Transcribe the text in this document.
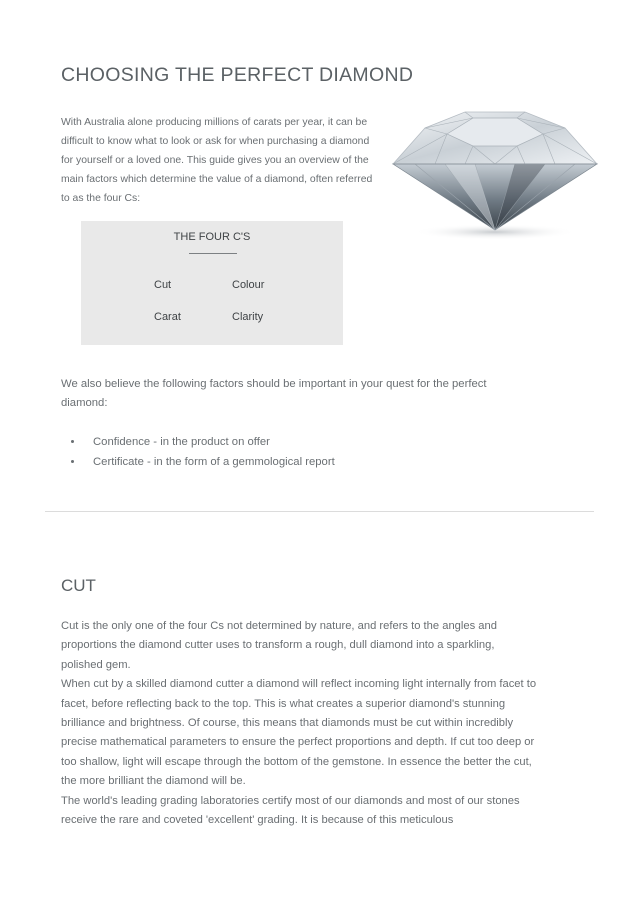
CHOOSING THE PERFECT DIAMOND
With Australia alone producing millions of carats per year, it can be difficult to know what to look or ask for when purchasing a diamond for yourself or a loved one. This guide gives you an overview of the main factors which determine the value of a diamond, often referred to as the four Cs:
THE FOUR C'S
Cut	Colour
Carat	Clarity
We also believe the following factors should be important in your quest for the perfect diamond:
Confidence - in the product on offer
Certificate - in the form of a gemmological report
CUT

Cut is the only one of the four Cs not determined by nature, and refers to the angles and proportions the diamond cutter uses to transform a rough, dull diamond into a sparkling, polished gem.

When cut by a skilled diamond cutter a diamond will reflect incoming light internally from facet to facet, before reflecting back to the top. This is what creates a superior diamond's stunning brilliance and brightness. Of course, this means that diamonds must be cut within incredibly precise mathematical parameters to ensure the perfect proportions and depth. If cut too deep or too shallow, light will escape through the bottom of the gemstone. In essence the better the cut, the more brilliant the diamond will be.

The world's leading grading laboratories certify most of our diamonds and most of our stones receive the rare and coveted 'excellent' grading. It is because of this meticulous
